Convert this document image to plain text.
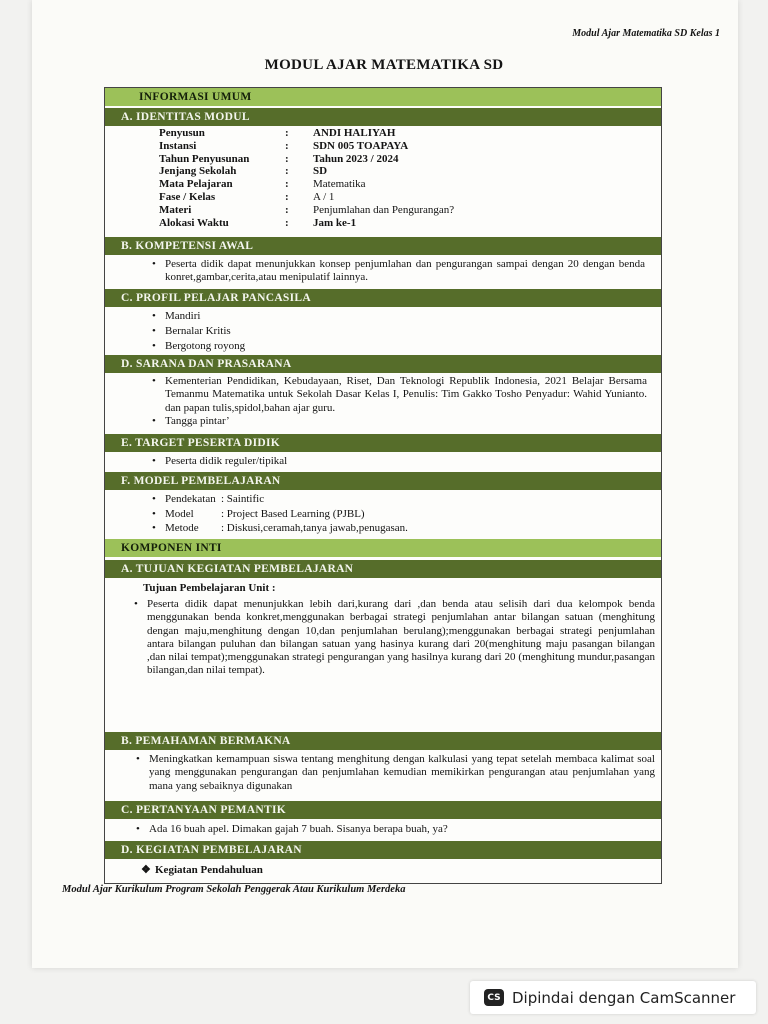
Modul Ajar Matematika SD Kelas 1
MODUL AJAR MATEMATIKA SD
INFORMASI UMUM
A. IDENTITAS MODUL
Penyusun	:	ANDI HALIYAH
Instansi	:	SDN 005 TOAPAYA
Tahun Penyusunan	:	Tahun 2023 / 2024
Jenjang Sekolah	:	SD
Mata Pelajaran	:	Matematika
Fase / Kelas	:	A / 1
Materi	:	Penjumlahan dan Pengurangan?
Alokasi Waktu	:	Jam ke-1
B. KOMPETENSI AWAL
• Peserta didik dapat menunjukkan konsep penjumlahan dan pengurangan sampai dengan 20 dengan benda konret,gambar,cerita,atau menipulatif lainnya.
C. PROFIL PELAJAR PANCASILA
• Mandiri
• Bernalar Kritis
• Bergotong royong
D. SARANA DAN PRASARANA
• Kementerian Pendidikan, Kebudayaan, Riset, Dan Teknologi Republik Indonesia, 2021 Belajar Bersama Temanmu Matematika untuk Sekolah Dasar Kelas I, Penulis: Tim Gakko Tosho Penyadur: Wahid Yunianto. dan papan tulis,spidol,bahan ajar guru.
• Tangga pintar’
E. TARGET PESERTA DIDIK
• Peserta didik reguler/tipikal
F. MODEL PEMBELAJARAN
• Pendekatan : Saintific
• Model : Project Based Learning (PJBL)
• Metode : Diskusi,ceramah,tanya jawab,penugasan.
KOMPONEN INTI
A. TUJUAN KEGIATAN PEMBELAJARAN
Tujuan Pembelajaran Unit :
• Peserta didik dapat menunjukkan lebih dari,kurang dari ,dan benda atau selisih dari dua kelompok benda menggunakan benda konkret,menggunakan berbagai strategi penjumlahan antar bilangan satuan (menghitung dengan maju,menghitung dengan 10,dan penjumlahan berulang);menggunakan berbagai strategi penjumlahan antara bilangan puluhan dan bilangan satuan yang hasinya kurang dari 20(menghitung maju pasangan bilangan ,dan nilai tempat);menggunakan strategi pengurangan yang hasilnya kurang dari 20 (menghitung mundur,pasangan bilangan,dan nilai tempat).
B. PEMAHAMAN BERMAKNA
• Meningkatkan kemampuan siswa tentang menghitung dengan kalkulasi yang tepat setelah membaca kalimat soal yang menggunakan pengurangan dan penjumlahan kemudian memikirkan pengurangan atau penjumlahan yang mana yang sebaiknya digunakan
C. PERTANYAAN PEMANTIK
• Ada 16 buah apel. Dimakan gajah 7 buah. Sisanya berapa buah, ya?
D. KEGIATAN PEMBELAJARAN
❖ Kegiatan Pendahuluan
Modul Ajar Kurikulum Program Sekolah Penggerak Atau Kurikulum Merdeka
CS Dipindai dengan CamScanner
